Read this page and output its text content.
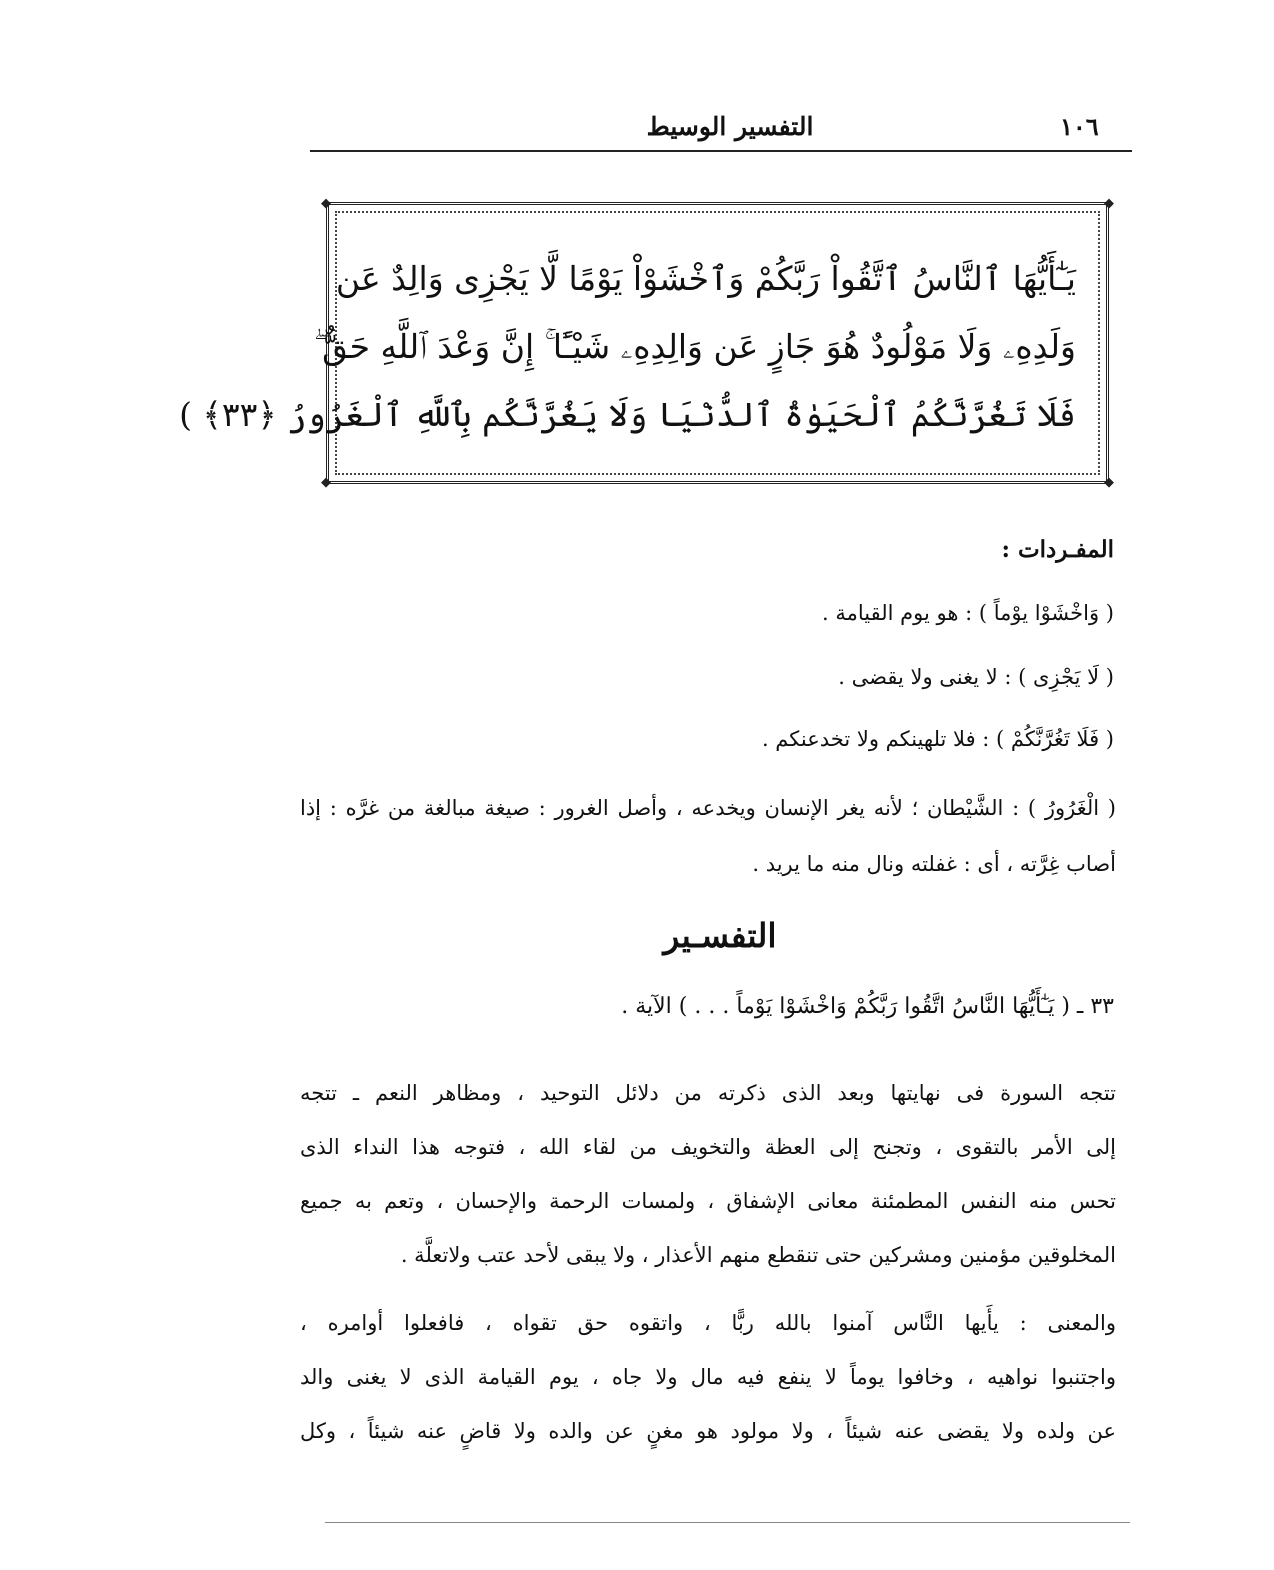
التفسير الوسيط	١٠٦
◆	◆
◆	◆
يَـٰٓأَيُّهَا ٱلنَّاسُ ٱتَّقُواْ رَبَّكُمْ وَٱخْشَوْاْ يَوْمًا لَّا يَجْزِى وَالِدٌ عَن
وَلَدِهِۦ وَلَا مَوْلُودٌ هُوَ جَازٍ عَن وَالِدِهِۦ شَيْـًٔا ۚ إِنَّ وَعْدَ ٱللَّهِ حَقٌّ ۖ
فَلَا تَغُرَّنَّكُمُ ٱلْحَيَوٰةُ ٱلدُّنْيَا وَلَا يَغُرَّنَّكُم بِٱللَّهِ ٱلْغَرُورُ ﴿٣٣﴾ )
المفـردات :
( وَاخْشَوْا يوْماً ) : هو يوم القيامة .
( لَا يَجْزِى ) : لا يغنى ولا يقضى .
( فَلَا تَغُرَّنَّكُمْ ) : فلا تلهينكم ولا تخدعنكم .
( الْغَرُورُ ) : الشَّيْطان ؛ لأنه يغر الإنسان ويخدعه ، وأصل الغرور : صيغة مبالغة من غرَّه : إذا أصاب غِرَّته ، أى : غفلته ونال منه ما يريد .
التفسـير
٣٣ ـ ( يَـٰٓأَيُّهَا النَّاسُ اتَّقُوا رَبَّكُمْ وَاخْشَوْا يَوْماً . . . ) الآية .
تتجه السورة فى نهايتها وبعد الذى ذكرته من دلائل التوحيد ، ومظاهر النعم ـ تتجه
إلى الأمر بالتقوى ، وتجنح إلى العظة والتخويف من لقاء الله ، فتوجه هذا النداء الذى
تحس منه النفس المطمئنة معانى الإشفاق ، ولمسات الرحمة والإحسان ، وتعم به جميع
المخلوقين مؤمنين ومشركين حتى تنقطع منهم الأعذار ، ولا يبقى لأحد عتب ولاتعلَّة .
والمعنى : يأَيها النَّاس آمنوا بالله ربًّا ، واتقوه حق تقواه ، فافعلوا أوامره ،
واجتنبوا نواهيه ، وخافوا يوماً لا ينفع فيه مال ولا جاه ، يوم القيامة الذى لا يغنى والد
عن ولده ولا يقضى عنه شيئاً ، ولا مولود هو مغنٍ عن والده ولا قاضٍ عنه شيئاً ، وكل
